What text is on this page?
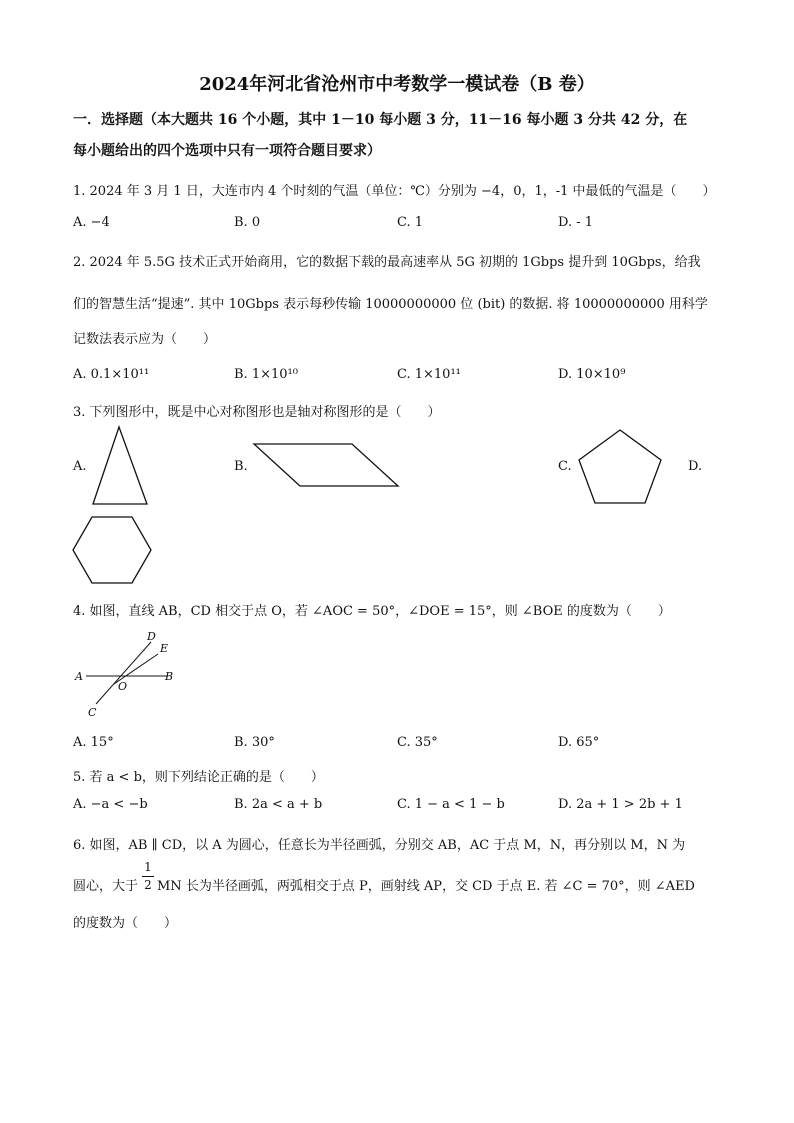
2024年河北省沧州市中考数学一模试卷（B 卷）
一．选择题（本大题共 16 个小题，其中 1－10 每小题 3 分，11－16 每小题 3 分共 42 分，在
每小题给出的四个选项中只有一项符合题目要求）
1. 2024 年 3 月 1 日，大连市内 4 个时刻的气温（单位：℃）分别为 −4，0，1，-1 中最低的气温是（　　）
A. −4	B. 0	C. 1	D. - 1
2. 2024 年 5.5G 技术正式开始商用，它的数据下载的最高速率从 5G 初期的 1Gbps 提升到 10Gbps，给我
们的智慧生活“提速”. 其中 10Gbps 表示每秒传输 10000000000 位 (bit) 的数据. 将 10000000000 用科学
记数法表示应为（　　）
A. 0.1×10¹¹	B. 1×10¹⁰	C. 1×10¹¹	D. 10×10⁹
3. 下列图形中，既是中心对称图形也是轴对称图形的是（　　）
A.	B.	C.	D.
4. 如图，直线 AB，CD 相交于点 O，若 ∠AOC = 50°，∠DOE = 15°，则 ∠BOE 的度数为（　　）
A	B
C
D
E
O
A. 15°	B. 30°	C. 35°	D. 65°
5. 若 a < b，则下列结论正确的是（　　）
A. −a < −b	B. 2a < a + b	C. 1 − a < 1 − b	D. 2a + 1 > 2b + 1
6. 如图，AB ∥ CD，以 A 为圆心，任意长为半径画弧，分别交 AB，AC 于点 M，N，再分别以 M，N 为
圆心，大于
1
2 MN 长为半径画弧，两弧相交于点 P，画射线 AP，交 CD 于点 E. 若 ∠C = 70°，则 ∠AED
的度数为（　　）
